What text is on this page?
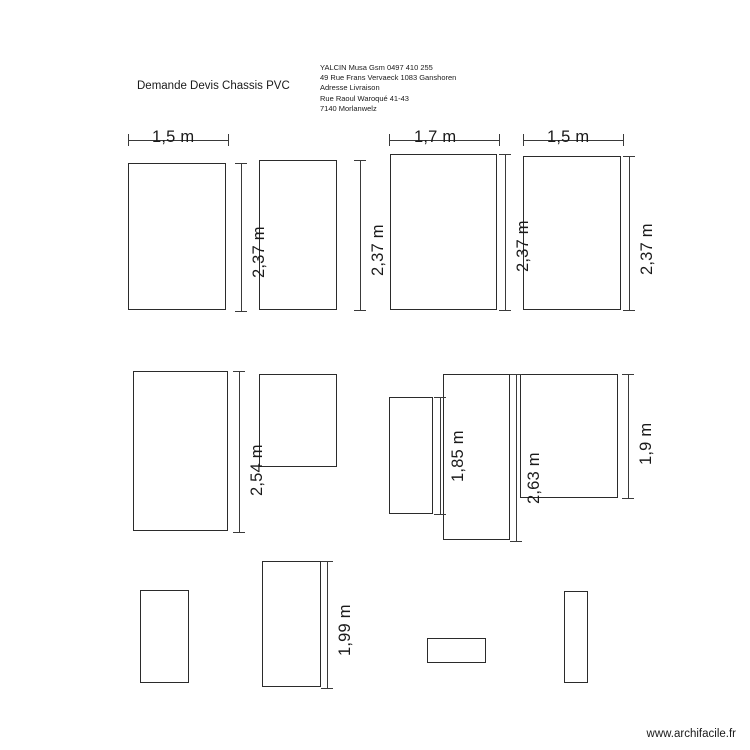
Demande Devis Chassis PVC
YALCIN Musa Gsm 0497 410 255
49 Rue Frans Vervaeck 1083 Ganshoren
Adresse Livraison
Rue Raoul Waroqué 41-43
7140 Morlanwelz
1,5 m	1,7 m	1,5 m
2,37 m	2,37 m	2,37 m	2,37 m
2,54 m	1,85 m	2,63 m
1,9 m
1,99 m
www.archifacile.fr
